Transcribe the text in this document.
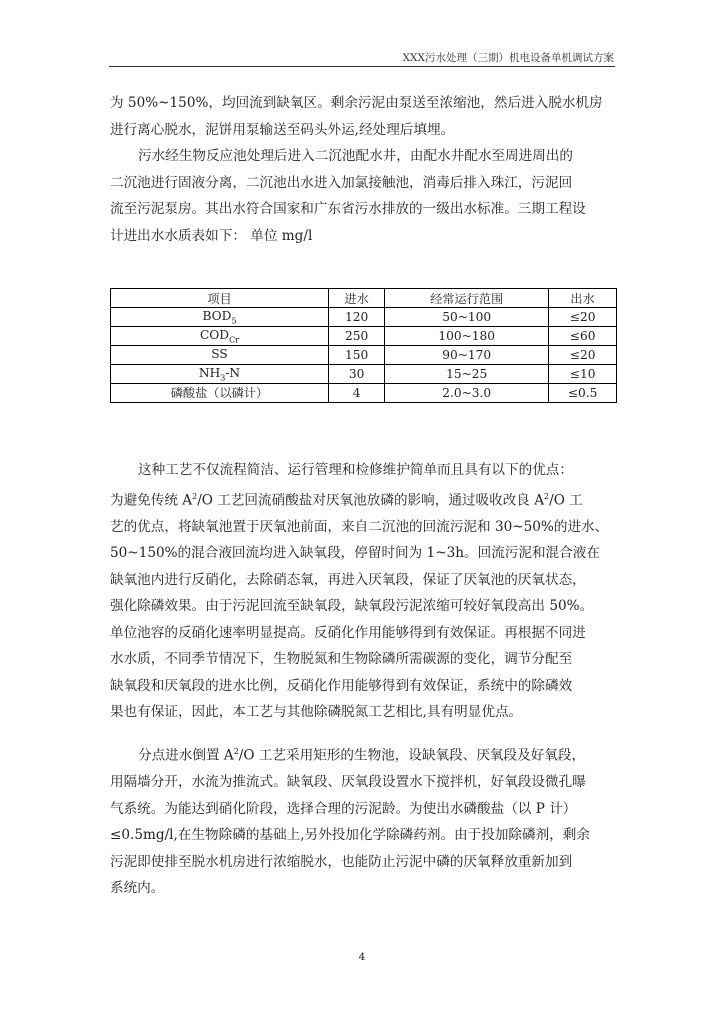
XXX污水处理（三期）机电设备单机调试方案
为 50%~150%，均回流到缺氧区。剩余污泥由泵送至浓缩池，然后进入脱水机房
进行离心脱水，泥饼用泵输送至码头外运,经处理后填埋。
污水经生物反应池处理后进入二沉池配水井，由配水井配水至周进周出的
二沉池进行固液分离，二沉池出水进入加氯接触池，消毒后排入珠江，污泥回
流至污泥泵房。其出水符合国家和广东省污水排放的一级出水标准。三期工程设
计进出水水质表如下： 单位 mg/l
项目	进水	经常运行范围	出水
$BOD_5$	120	50~100	≤20
$COD_{Cr}$	250	100~180	≤60
SS	150	90~170	≤20
$NH_3-N$	30	15~25	≤10
磷酸盐（以磷计）	4	2.0~3.0	≤0.5
这种工艺不仅流程简洁、运行管理和检修维护简单而且具有以下的优点：
为避免传统 $A^2/O$ 工艺回流硝酸盐对厌氧池放磷的影响，通过吸收改良 $A^2/O$ 工
艺的优点，将缺氧池置于厌氧池前面，来自二沉池的回流污泥和 30~50%的进水、
50~150%的混合液回流均进入缺氧段，停留时间为 1~3h。回流污泥和混合液在
缺氧池内进行反硝化，去除硝态氧，再进入厌氧段，保证了厌氧池的厌氧状态，
强化除磷效果。由于污泥回流至缺氧段，缺氧段污泥浓缩可较好氧段高出 50%。
单位池容的反硝化速率明显提高。反硝化作用能够得到有效保证。再根据不同进
水水质，不同季节情况下，生物脱氮和生物除磷所需碳源的变化，调节分配至
缺氧段和厌氧段的进水比例，反硝化作用能够得到有效保证，系统中的除磷效
果也有保证，因此，本工艺与其他除磷脱氮工艺相比,具有明显优点。
分点进水倒置 $A^2/O$ 工艺采用矩形的生物池，设缺氧段、厌氧段及好氧段，
用隔墙分开，水流为推流式。缺氧段、厌氧段设置水下搅拌机，好氧段设微孔曝
气系统。为能达到硝化阶段，选择合理的污泥龄。为使出水磷酸盐（以 P 计）
≤0.5mg/l,在生物除磷的基础上,另外投加化学除磷药剂。由于投加除磷剂，剩余
污泥即使排至脱水机房进行浓缩脱水，也能防止污泥中磷的厌氧释放重新加到
系统内。
4
